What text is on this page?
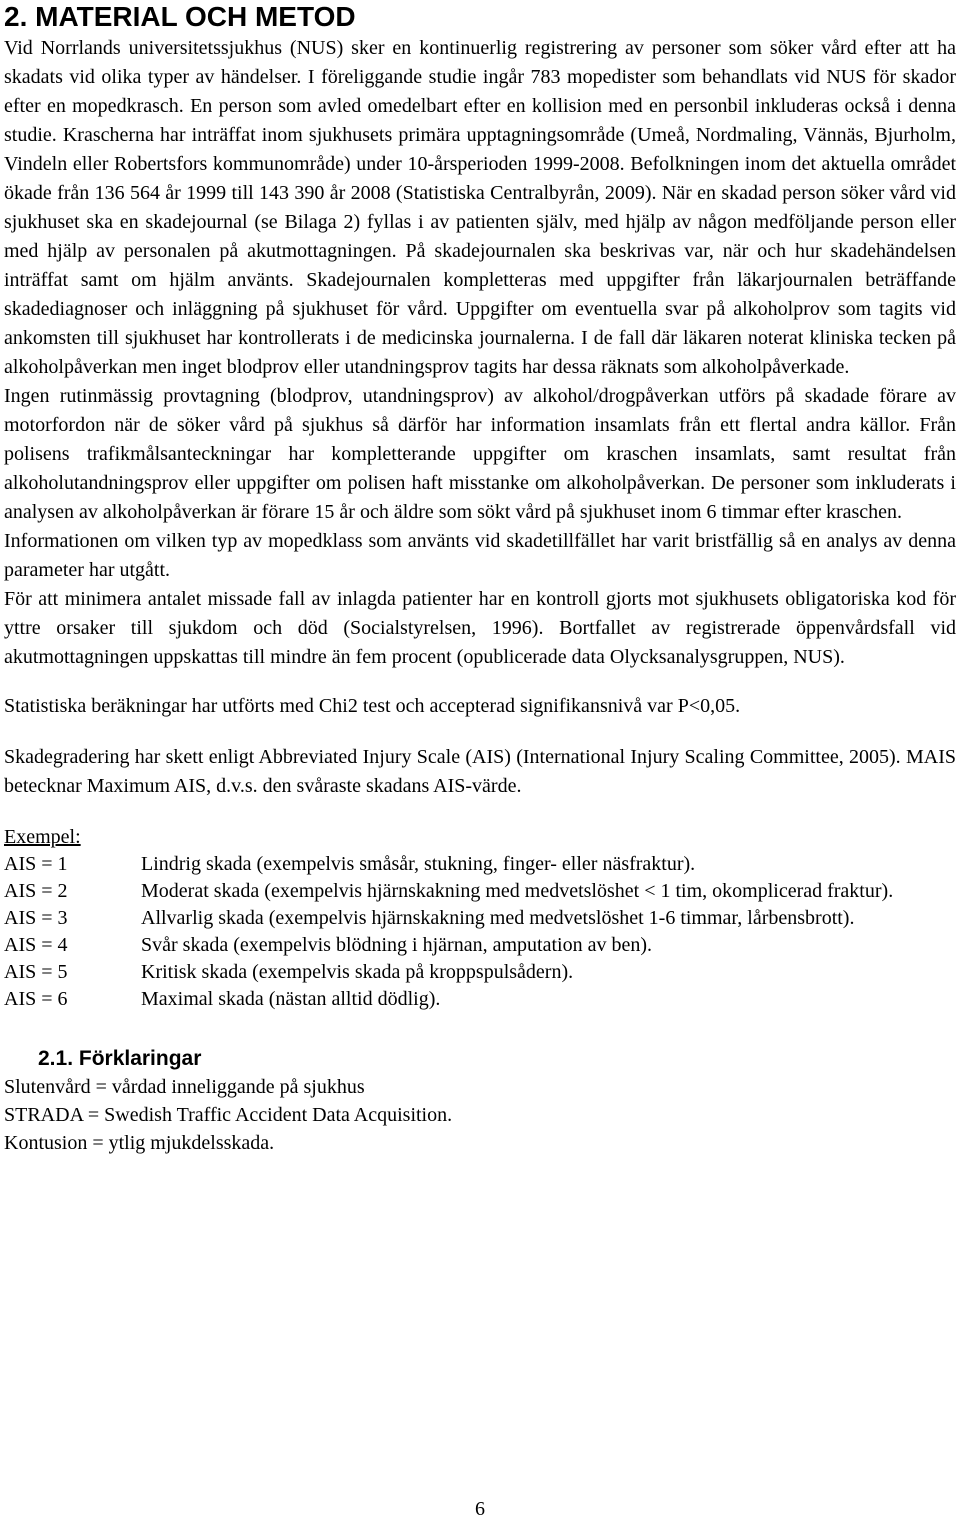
2. MATERIAL OCH METOD

Vid Norrlands universitetssjukhus (NUS) sker en kontinuerlig registrering av personer som söker vård efter att ha skadats vid olika typer av händelser. I föreliggande studie ingår 783 mopedister som behandlats vid NUS för skador efter en mopedkrasch. En person som avled omedelbart efter en kollision med en personbil inkluderas också i denna studie. Krascherna har inträffat inom sjukhusets primära upptagningsområde (Umeå, Nordmaling, Vännäs, Bjurholm, Vindeln eller Robertsfors kommunområde) under 10-årsperioden 1999-2008. Befolkningen inom det aktuella området ökade från 136 564 år 1999 till 143 390 år 2008 (Statistiska Centralbyrån, 2009). När en skadad person söker vård vid sjukhuset ska en skadejournal (se Bilaga 2) fyllas i av patienten själv, med hjälp av någon medföljande person eller med hjälp av personalen på akutmottagningen. På skadejournalen ska beskrivas var, när och hur skadehändelsen inträffat samt om hjälm använts. Skadejournalen kompletteras med uppgifter från läkarjournalen beträffande skadediagnoser och inläggning på sjukhuset för vård. Uppgifter om eventuella svar på alkoholprov som tagits vid ankomsten till sjukhuset har kontrollerats i de medicinska journalerna. I de fall där läkaren noterat kliniska tecken på alkoholpåverkan men inget blodprov eller utandningsprov tagits har dessa räknats som alkoholpåverkade.

Ingen rutinmässig provtagning (blodprov, utandningsprov) av alkohol/drogpåverkan utförs på skadade förare av motorfordon när de söker vård på sjukhus så därför har information insamlats från ett flertal andra källor. Från polisens trafikmålsanteckningar har kompletterande uppgifter om kraschen insamlats, samt resultat från alkoholutandningsprov eller uppgifter om polisen haft misstanke om alkoholpåverkan. De personer som inkluderats i analysen av alkoholpåverkan är förare 15 år och äldre som sökt vård på sjukhuset inom 6 timmar efter kraschen.

Informationen om vilken typ av mopedklass som använts vid skadetillfället har varit bristfällig så en analys av denna parameter har utgått.

För att minimera antalet missade fall av inlagda patienter har en kontroll gjorts mot sjukhusets obligatoriska kod för yttre orsaker till sjukdom och död (Socialstyrelsen, 1996). Bortfallet av registrerade öppenvårdsfall vid akutmottagningen uppskattas till mindre än fem procent (opublicerade data Olycksanalysgruppen, NUS).

Statistiska beräkningar har utförts med Chi2 test och accepterad signifikansnivå var P<0,05.

Skadegradering har skett enligt Abbreviated Injury Scale (AIS) (International Injury Scaling Committee, 2005). MAIS betecknar Maximum AIS, d.v.s. den svåraste skadans AIS-värde.

Exempel:

AIS = 1	Lindrig skada (exempelvis småsår, stukning, finger- eller näsfraktur).
AIS = 2	Moderat skada (exempelvis hjärnskakning med medvetslöshet < 1 tim, okomplicerad fraktur).
AIS = 3	Allvarlig skada (exempelvis hjärnskakning med medvetslöshet 1-6 timmar, lårbensbrott).
AIS = 4	Svår skada (exempelvis blödning i hjärnan, amputation av ben).
AIS = 5	Kritisk skada (exempelvis skada på kroppspulsådern).
AIS = 6	Maximal skada (nästan alltid dödlig).
2.1. Förklaringar

Slutenvård = vårdad inneliggande på sjukhus

STRADA = Swedish Traffic Accident Data Acquisition.

Kontusion = ytlig mjukdelsskada.

6
